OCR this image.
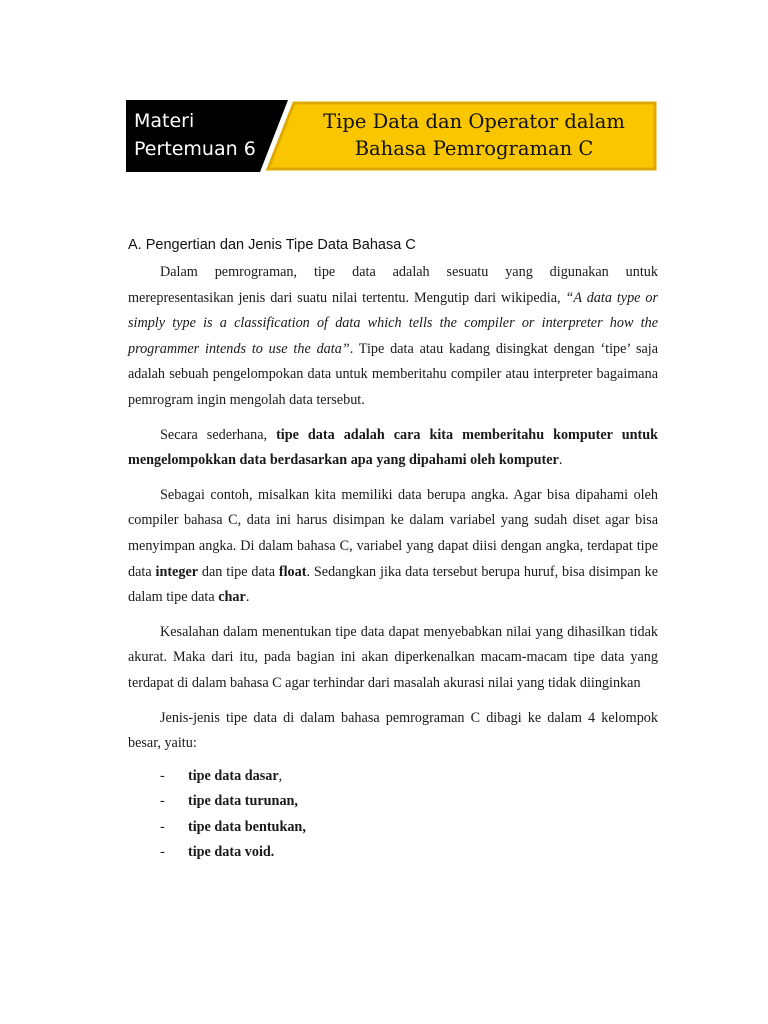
Materi
Pertemuan 6
Tipe Data dan Operator dalam
Bahasa Pemrograman C
A. Pengertian dan Jenis Tipe Data Bahasa C

Dalam pemrograman, tipe data adalah sesuatu yang digunakan untuk merepresentasikan jenis dari suatu nilai tertentu. Mengutip dari wikipedia, “A data type or simply type is a classification of data which tells the compiler or interpreter how the programmer intends to use the data”. Tipe data atau kadang disingkat dengan ‘tipe’ saja adalah sebuah pengelompokan data untuk memberitahu compiler atau interpreter bagaimana pemrogram ingin mengolah data tersebut.

Secara sederhana, tipe data adalah cara kita memberitahu komputer untuk mengelompokkan data berdasarkan apa yang dipahami oleh komputer.

Sebagai contoh, misalkan kita memiliki data berupa angka. Agar bisa dipahami oleh compiler bahasa C, data ini harus disimpan ke dalam variabel yang sudah diset agar bisa menyimpan angka. Di dalam bahasa C, variabel yang dapat diisi dengan angka, terdapat tipe data integer dan tipe data float. Sedangkan jika data tersebut berupa huruf, bisa disimpan ke dalam tipe data char.

Kesalahan dalam menentukan tipe data dapat menyebabkan nilai yang dihasilkan tidak akurat. Maka dari itu, pada bagian ini akan diperkenalkan macam-macam tipe data yang terdapat di dalam bahasa C agar terhindar dari masalah akurasi nilai yang tidak diinginkan

Jenis-jenis tipe data di dalam bahasa pemrograman C dibagi ke dalam 4 kelompok besar, yaitu:

- tipe data dasar,
- tipe data turunan,
- tipe data bentukan,
- tipe data void.
